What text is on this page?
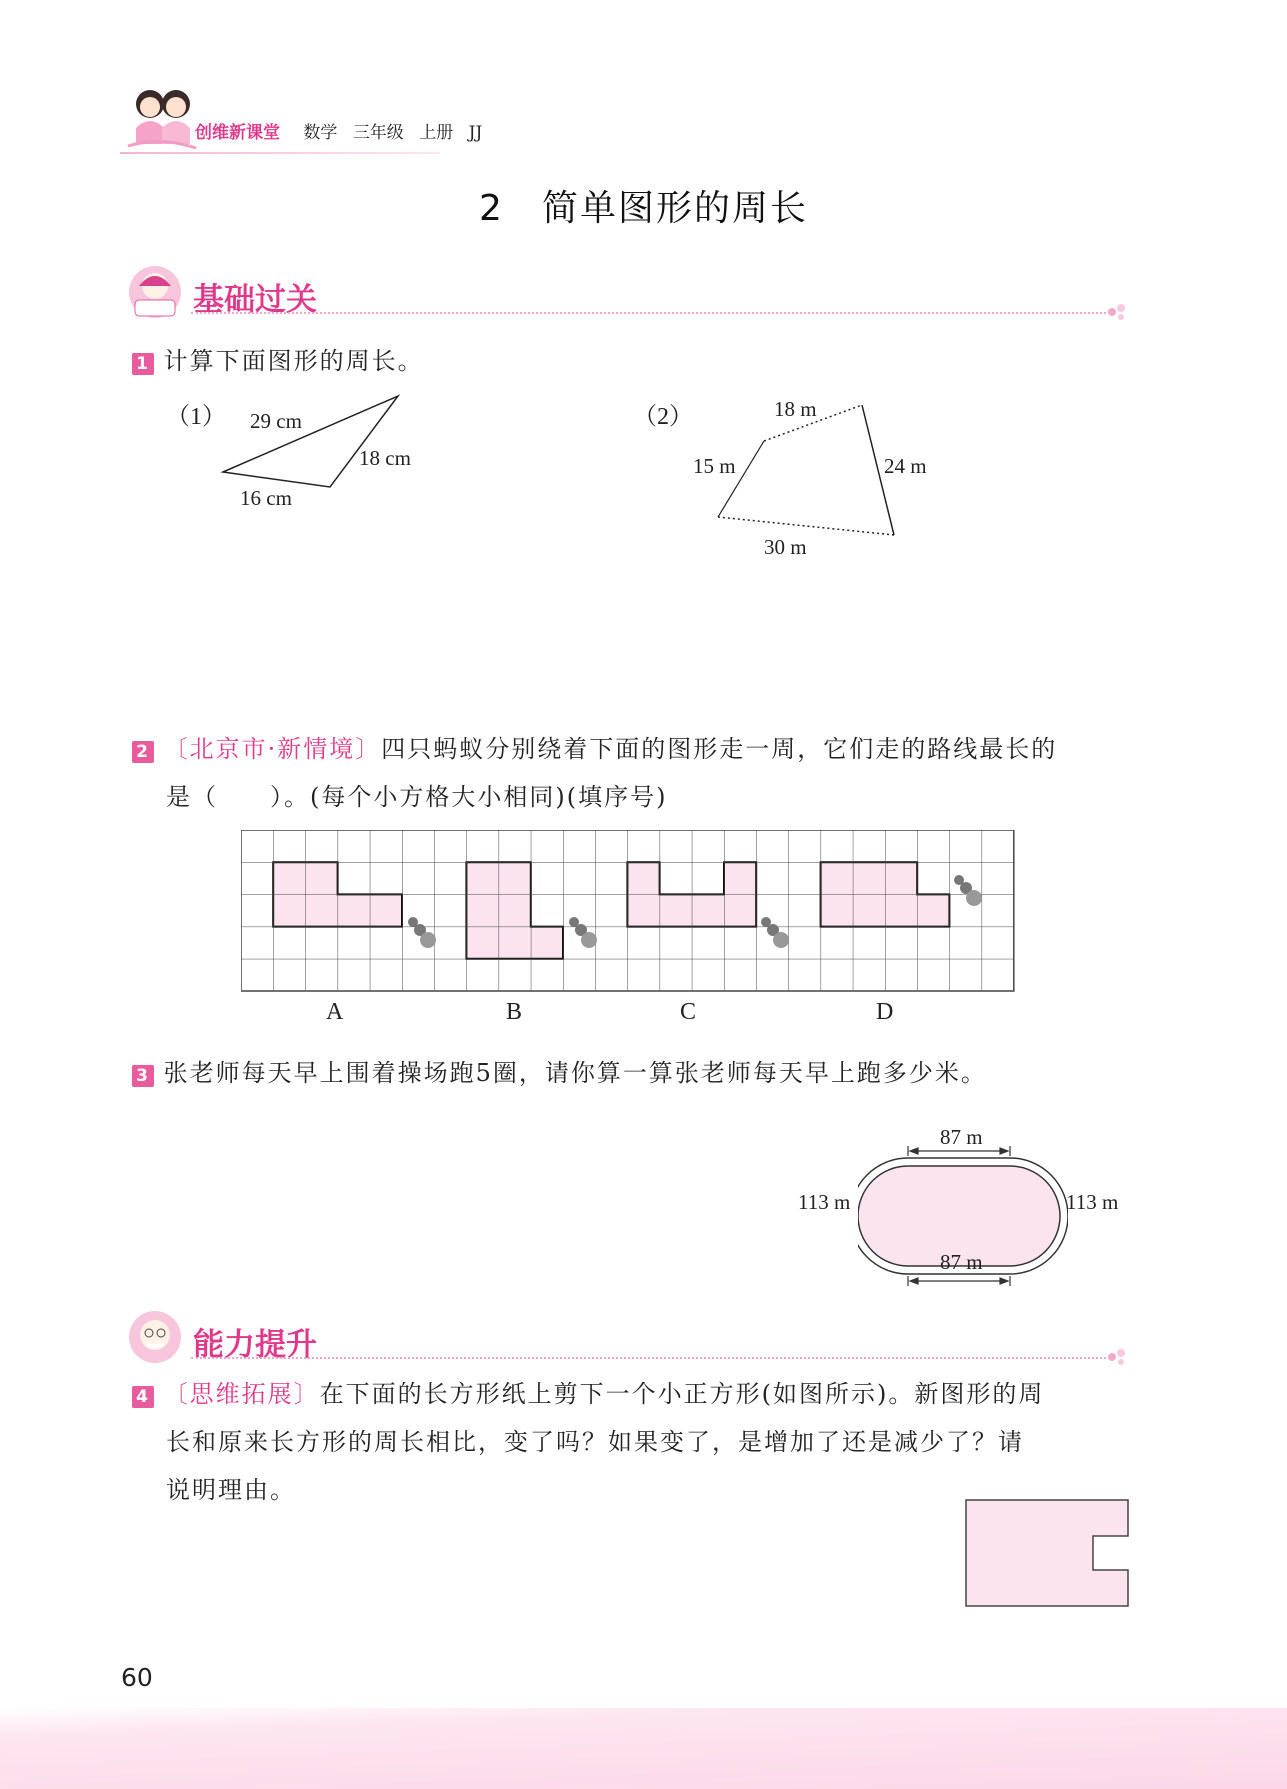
创维新课堂 数学 三年级 上册 JJ
2　简单图形的周长
基础过关
1 计算下面图形的周长。
（1） 29 cm
18 cm
16 cm
（2）	18 m
15 m	24 m
30 m
2 〔北京市·新情境〕四只蚂蚁分别绕着下面的图形走一周，它们走的路线最长的
是（　　）。(每个小方格大小相同)(填序号)
A	B	C	D
3 张老师每天早上围着操场跑5圈，请你算一算张老师每天早上跑多少米。
87 m
87 m
113 m	113 m
能力提升
4 〔思维拓展〕在下面的长方形纸上剪下一个小正方形(如图所示)。新图形的周
长和原来长方形的周长相比，变了吗？如果变了，是增加了还是减少了？请
说明理由。
60
